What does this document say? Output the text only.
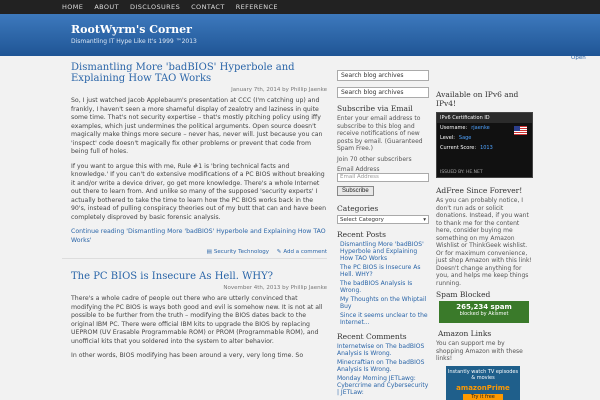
HOME ABOUT DISCLOSURES CONTACT REFERENCE
RootWyrm's Corner
Dismantling IT Hype Like It's 1999 ™2013
Open
Dismantling More 'badBIOS' Hyperbole and Explaining How TAO Works
January 7th, 2014 by Phillip Jaenke

So, I just watched Jacob Applebaum's presentation at CCC (I'm catching up) and frankly, I haven't seen a more shameful display of zealotry and laziness in quite some time. That's not security expertise – that's mostly pitching policy using iffy examples, which just undermines the political arguments. Open source doesn't magically make things more secure – never has, never will. Just because you can 'inspect' code doesn't magically fix other problems or prevent that code from being full of holes.

If you want to argue this with me, Rule #1 is 'bring technical facts and knowledge.' If you can't do extensive modifications of a PC BIOS without breaking it and/or write a device driver, go get more knowledge. There's a whole Internet out there to learn from. And unlike so many of the supposed 'security experts' I actually bothered to take the time to learn how the PC BIOS works back in the 90's, instead of pulling conspiracy theories out of my butt that can and have been completely disproved by basic forensic analysis.

Continue reading 'Dismantling More 'badBIOS' Hyperbole and Explaining How TAO Works'
▤ Security Technology ✎ Add a comment
The PC BIOS is Insecure As Hell. WHY?
November 4th, 2013 by Phillip Jaenke

There's a whole cadre of people out there who are utterly convinced that modifying the PC BIOS is ways both good and evil is somehow new. It is not at all possible to be further from the truth – modifying the BIOS dates back to the original IBM PC. There were official IBM kits to upgrade the BIOS by replacing UEPROM (UV Erasable Programmable ROM) or PROM (Programmable ROM), and unofficial kits that you soldered into the system to alter behavior.

In other words, BIOS modifying has been around a very, very long time. So

Search blog archives
Search blog archives
Subscribe via Email
Enter your email address to subscribe to this blog and receive notifications of new posts by email. (Guaranteed Spam Free.)
Join 70 other subscribers
Email Address
Email Address
Subscribe
Categories
Select Category	▾
Recent Posts
Dismantling More 'badBIOS' Hyperbole and Explaining How TAO Works
The PC BIOS is Insecure As Hell. WHY?
The badBIOS Analysis Is Wrong.
My Thoughts on the Whiptail Buy
Since it seems unclear to the Internet...
Recent Comments
Internetwise on The badBIOS Analysis Is Wrong.
Minecraftian on The badBIOS Analysis Is Wrong.
Monday Morning JETLawg: Cybercrime and Cybersecurity | JETLaw:
Available on IPv6 and IPv4!
IPv6 Certification ID
Username: rjaenke
Level: Sage
Current Score: 1013
ISSUED BY: HE.NET
AdFree Since Forever!
As you can probably notice, I don't run ads or solicit donations. Instead, if you want to thank me for the content here, consider buying me something on my Amazon Wishlist or ThinkGeek wishlist. Or for maximum convenience, just shop Amazon with this link! Doesn't change anything for you, and helps me keep things running.
Spam Blocked
265,234 spam
blocked by Akismet
Amazon Links
You can support me by shopping Amazon with these links!
Instantly watch TV episodes & movies
amazonPrime
Try it free
